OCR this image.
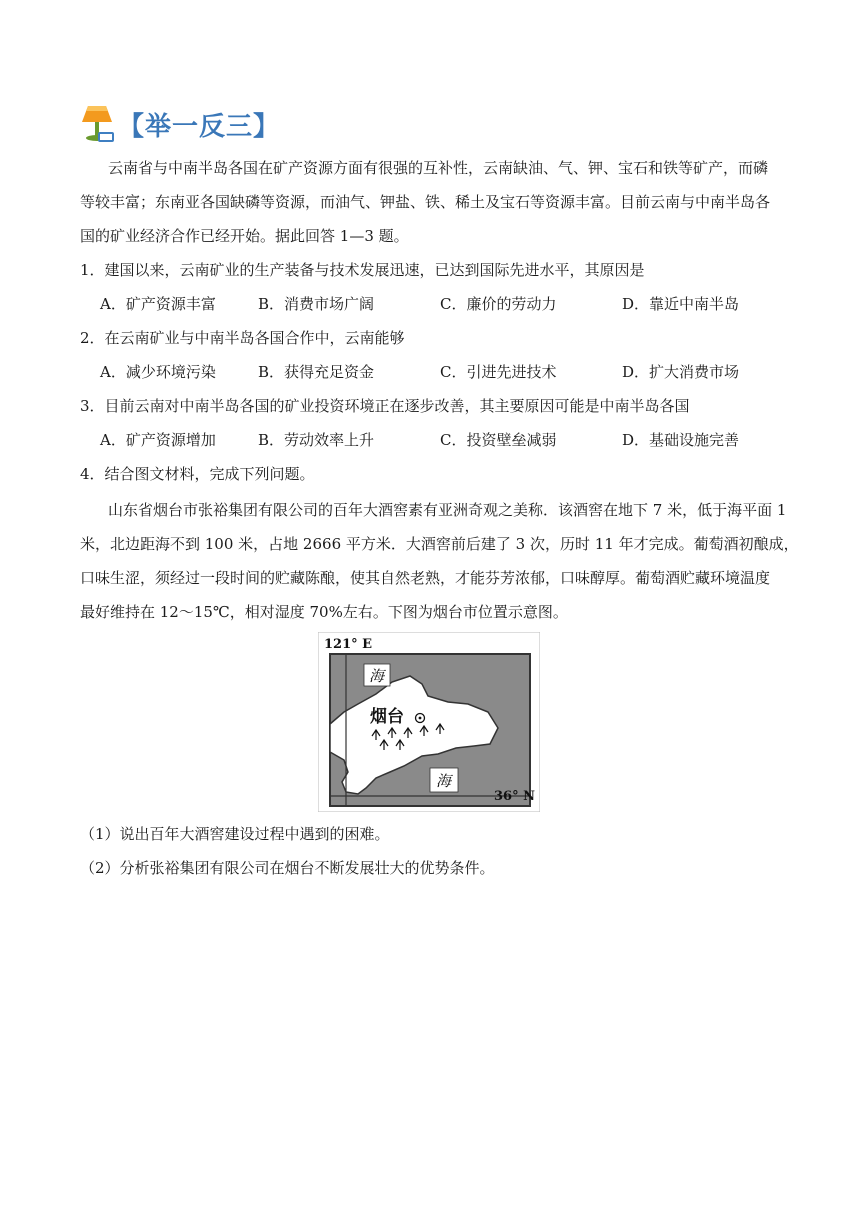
【举一反三】
云南省与中南半岛各国在矿产资源方面有很强的互补性，云南缺油、气、钾、宝石和铁等矿产，而磷
等较丰富；东南亚各国缺磷等资源，而油气、钾盐、铁、稀土及宝石等资源丰富。目前云南与中南半岛各
国的矿业经济合作已经开始。据此回答 1—3 题。
1．建国以来，云南矿业的生产装备与技术发展迅速，已达到国际先进水平，其原因是
A．矿产资源丰富	B．消费市场广阔	C．廉价的劳动力	D．靠近中南半岛
2．在云南矿业与中南半岛各国合作中，云南能够
A．减少环境污染	B．获得充足资金	C．引进先进技术	D．扩大消费市场
3．目前云南对中南半岛各国的矿业投资环境正在逐步改善，其主要原因可能是中南半岛各国
A．矿产资源增加	B．劳动效率上升	C．投资壁垒减弱	D．基础设施完善
4．结合图文材料，完成下列问题。
山东省烟台市张裕集团有限公司的百年大酒窖素有亚洲奇观之美称．该酒窖在地下 7 米，低于海平面 1
米，北边距海不到 100 米，占地 2666 平方米．大酒窖前后建了 3 次，历时 11 年才完成。葡萄酒初酿成，
口味生涩，须经过一段时间的贮藏陈酿，使其自然老熟，才能芬芳浓郁，口味醇厚。葡萄酒贮藏环境温度
最好维持在 12～15℃，相对湿度 70%左右。下图为烟台市位置示意图。
121° E
36° N
海
海
烟台
（1）说出百年大酒窖建设过程中遇到的困难。
（2）分析张裕集团有限公司在烟台不断发展壮大的优势条件。
